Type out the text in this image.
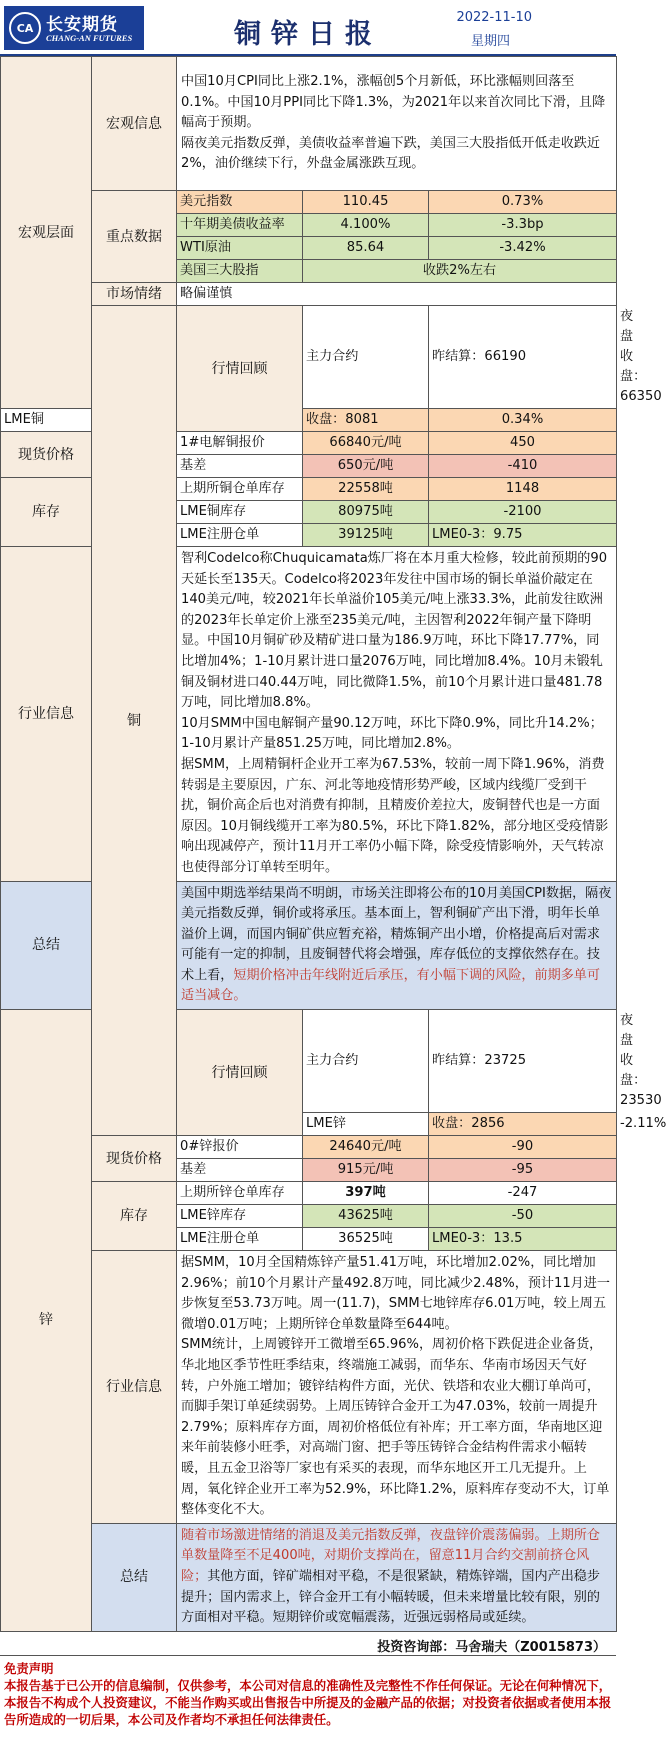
CA 长安期货
CHANG-AN FUTURES	铜锌日报
2022-11-10
星期四
宏观层面	宏观信息	中国10月CPI同比上涨2.1%，涨幅创5个月新低，环比涨幅则回落至0.1%。中国10月PPI同比下降1.3%，为2021年以来首次同比下滑，且降幅高于预期。
隔夜美元指数反弹，美债收益率普遍下跌，美国三大股指低开低走收跌近2%，油价继续下行，外盘金属涨跌互现。			

	重点数据	美元指数	110.45	0.73%	
		十年期美债收益率	4.100%	-3.3bp	
		WTI原油	85.64	-3.42%	
		美国三大股指	收跌2%左右		
	市场情绪	略偏谨慎			
	铜	行情回顾	主力合约	昨结算：66190	夜盘收盘：66350
LME铜			收盘：8081	0.34%	
现货价格		1#电解铜报价	66840元/吨	450	
		基差	650元/吨	-410	
库存		上期所铜仓单库存	22558吨	1148	
		LME铜库存	80975吨	-2100	
		LME注册仓单	39125吨	LME0-3：9.75	
行业信息		智利Codelco称Chuquicamata炼厂将在本月重大检修，较此前预期的90天延长至135天。Codelco将2023年发往中国市场的铜长单溢价敲定在140美元/吨，较2021年长单溢价105美元/吨上涨33.3%，此前发往欧洲的2023年长单定价上涨至235美元/吨，主因智利2022年铜产量下降明显。中国10月铜矿砂及精矿进口量为186.9万吨，环比下降17.77%，同比增加4%；1-10月累计进口量2076万吨，同比增加8.4%。10月未锻轧铜及铜材进口40.44万吨，同比微降1.5%，前10个月累计进口量481.78万吨，同比增加8.8%。
10月SMM中国电解铜产量90.12万吨，环比下降0.9%，同比升14.2%；1-10月累计产量851.25万吨，同比增加2.8%。
据SMM，上周精铜杆企业开工率为67.53%，较前一周下降1.96%，消费转弱是主要原因，广东、河北等地疫情形势严峻，区域内线缆厂受到干扰，铜价高企后也对消费有抑制，且精废价差拉大，废铜替代也是一方面原因。10月铜线缆开工率为80.5%，环比下降1.82%，部分地区受疫情影响出现减停产，预计11月开工率仍小幅下降，除受疫情影响外，天气转凉也使得部分订单转至明年。			

总结		美国中期选举结果尚不明朗，市场关注即将公布的10月美国CPI数据，隔夜美元指数反弹，铜价或将承压。基本面上，智利铜矿产出下滑，明年长单溢价上调，而国内铜矿供应暂充裕，精炼铜产出小增，价格提高后对需求可能有一定的抑制，且废铜替代将会增强，库存低位的支撑依然存在。技术上看，短期价格冲击年线附近后承压，有小幅下调的风险，前期多单可适当减仓。			
锌		行情回顾	主力合约	昨结算：23725	夜盘收盘：23530
			LME锌	收盘：2856	-2.11%
	现货价格	0#锌报价	24640元/吨	-90	
		基差	915元/吨	-95	
	库存	上期所锌仓单库存	397吨	-247	
		LME锌库存	43625吨	-50	
		LME注册仓单	36525吨	LME0-3：13.5	
	行业信息	据SMM，10月全国精炼锌产量51.41万吨，环比增加2.02%，同比增加2.96%；前10个月累计产量492.8万吨，同比减少2.48%，预计11月进一步恢复至53.73万吨。周一(11.7)，SMM七地锌库存6.01万吨，较上周五微增0.01万吨；上期所锌仓单数量降至644吨。
SMM统计，上周镀锌开工微增至65.96%，周初价格下跌促进企业备货，华北地区季节性旺季结束，终端施工减弱，而华东、华南市场因天气好转，户外施工增加；镀锌结构件方面，光伏、铁塔和农业大棚订单尚可，而脚手架订单延续弱势。上周压铸锌合金开工为47.03%，较前一周提升2.79%；原料库存方面，周初价格低位有补库；开工率方面，华南地区迎来年前装修小旺季，对高端门窗、把手等压铸锌合金结构件需求小幅转暖，且五金卫浴等厂家也有采买的表现，而华东地区开工几无提升。上周，氧化锌企业开工率为52.9%，环比降1.2%，原料库存变动不大，订单整体变化不大。			

	总结	随着市场激进情绪的消退及美元指数反弹，夜盘锌价震荡偏弱。上期所仓单数量降至不足400吨，对期价支撑尚在，留意11月合约交割前挤仓风险；其他方面，锌矿端相对平稳，不是很紧缺，精炼锌端，国内产出稳步提升；国内需求上，锌合金开工有小幅转暖，但未来增量比较有限，别的方面相对平稳。短期锌价或宽幅震荡，近强远弱格局或延续。			
投资咨询部：马舍瑞夫（Z0015873）
免责声明
本报告基于已公开的信息编制，仅供参考，本公司对信息的准确性及完整性不作任何保证。无论在何种情况下，本报告不构成个人投资建议，不能当作购买或出售报告中所提及的金融产品的依据；对投资者依据或者使用本报告所造成的一切后果，本公司及作者均不承担任何法律责任。
